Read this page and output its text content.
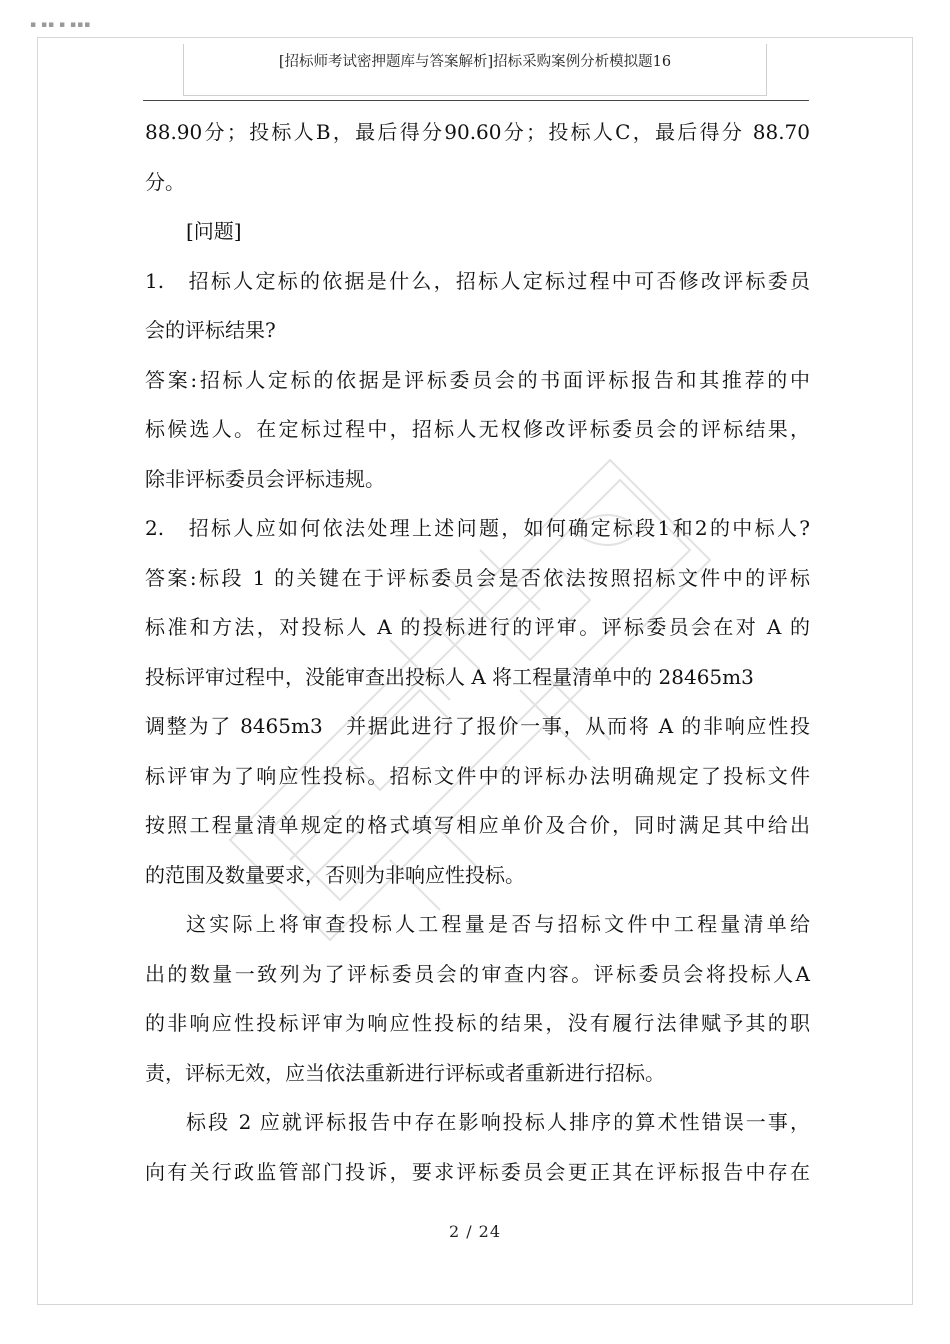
▪ ▪▪ ▪ ▪▪▪
[招标师考试密押题库与答案解析]招标采购案例分析模拟题16
88.90分；投标人B，最后得分90.60分；投标人C，最后得分 88.70
分。
[问题]
1.　招标人定标的依据是什么，招标人定标过程中可否修改评标委员
会的评标结果?
答案:招标人定标的依据是评标委员会的书面评标报告和其推荐的中
标候选人。在定标过程中，招标人无权修改评标委员会的评标结果，
除非评标委员会评标违规。
2.　招标人应如何依法处理上述问题，如何确定标段1和2的中标人?
答案:标段 1 的关键在于评标委员会是否依法按照招标文件中的评标
标准和方法，对投标人 A 的投标进行的评审。评标委员会在对 A 的
投标评审过程中，没能审查出投标人 A 将工程量清单中的 28465m3
调整为了 8465m3　并据此进行了报价一事，从而将 A 的非响应性投
标评审为了响应性投标。招标文件中的评标办法明确规定了投标文件
按照工程量清单规定的格式填写相应单价及合价，同时满足其中给出
的范围及数量要求，否则为非响应性投标。
这实际上将审查投标人工程量是否与招标文件中工程量清单给
出的数量一致列为了评标委员会的审查内容。评标委员会将投标人A
的非响应性投标评审为响应性投标的结果，没有履行法律赋予其的职
责，评标无效，应当依法重新进行评标或者重新进行招标。
标段 2 应就评标报告中存在影响投标人排序的算术性错误一事，
向有关行政监管部门投诉，要求评标委员会更正其在评标报告中存在
2 / 24
